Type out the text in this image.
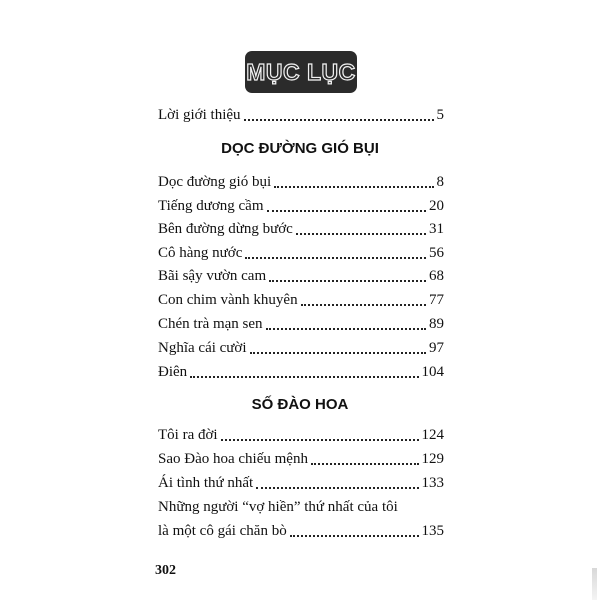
MỤC LỤC
Lời giới thiệu	5
DỌC ĐƯỜNG GIÓ BỤI
Dọc đường gió bụi	8
Tiếng dương cầm	20
Bên đường dừng bước	31
Cô hàng nước	56
Bãi sậy vườn cam	68
Con chim vành khuyên	77
Chén trà mạn sen	89
Nghĩa cái cười	97
Điên	104
SỐ ĐÀO HOA
Tôi ra đời	124
Sao Đào hoa chiếu mệnh	129
Ái tình thứ nhất	133
Những người “vợ hiền” thứ nhất của tôi
là một cô gái chăn bò	135
302
